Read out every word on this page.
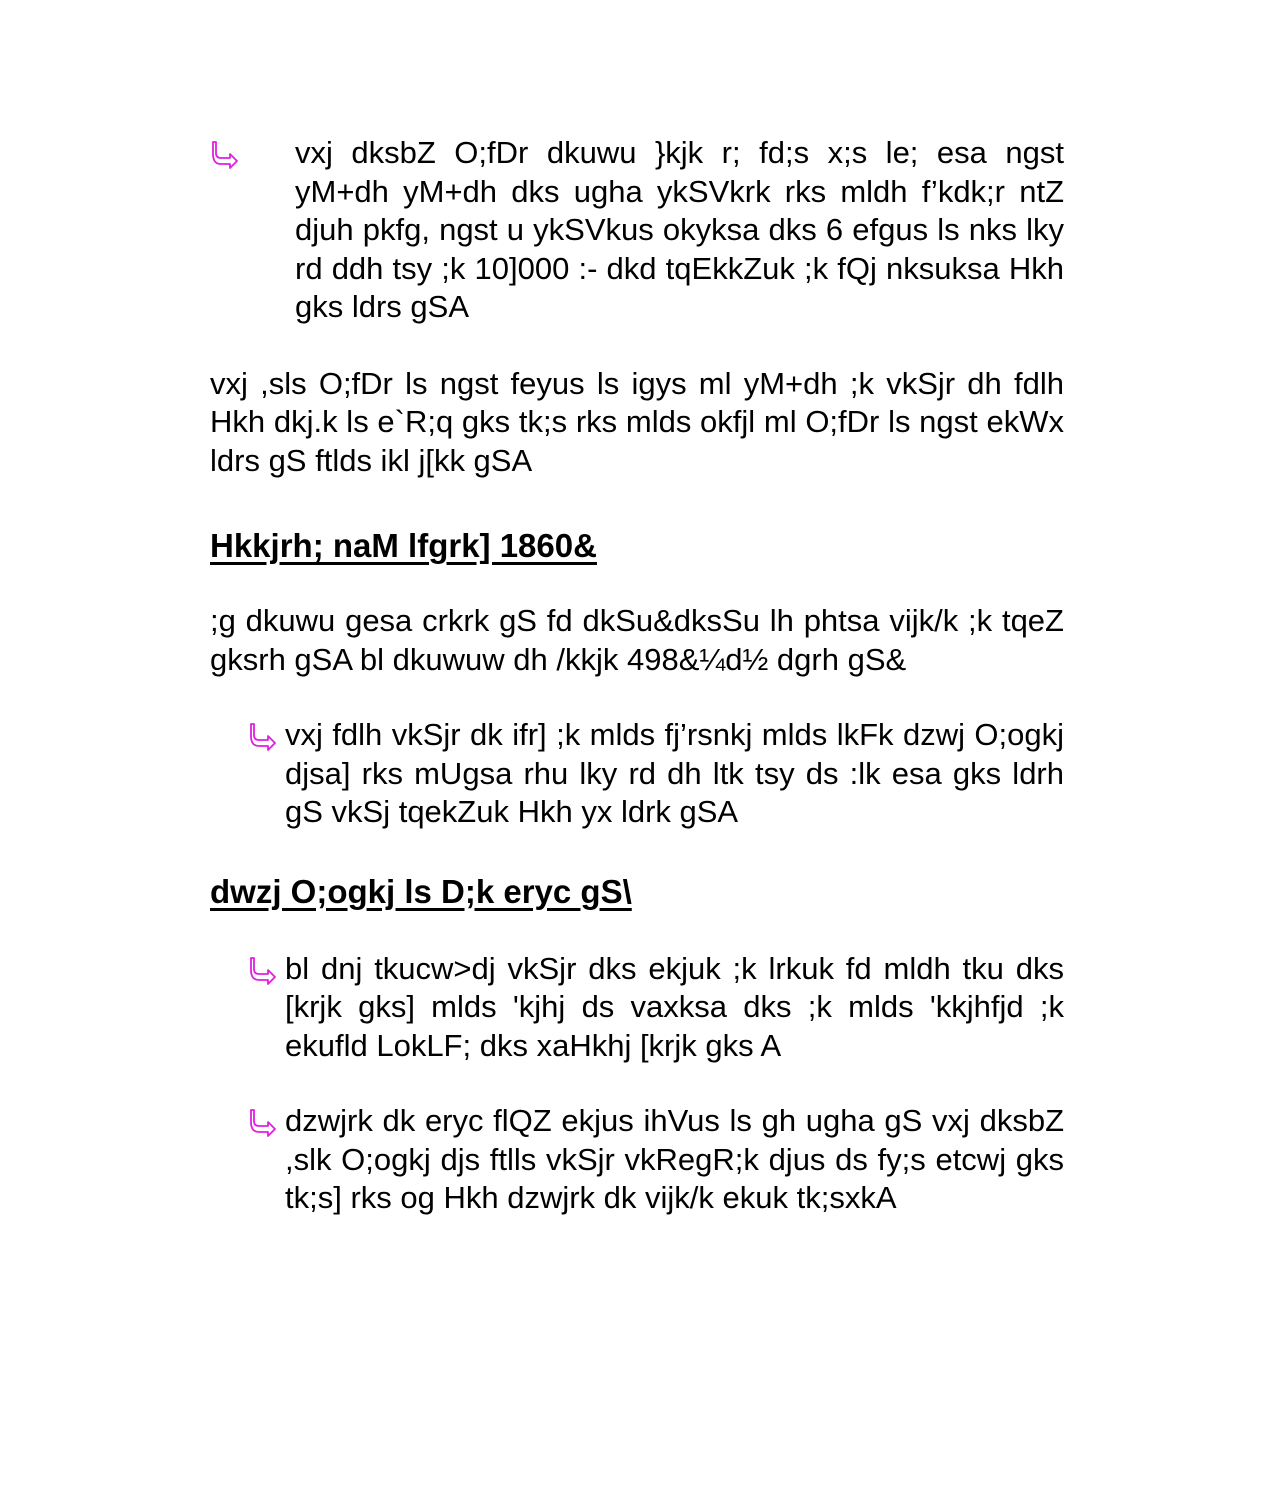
vxj dksbZ O;fDr dkuwu }kjk r; fd;s x;s le; esa ngst yM+dh yM+dh dks ugha ykSVkrk rks mldh f’kdk;r ntZ djuh pkfg, ngst u ykSVkus okyksa dks 6 efgus ls nks lky rd ddh tsy ;k 10]000 :- dkd tqEkkZuk ;k fQj nksuksa Hkh gks ldrs gSA

vxj ,sls O;fDr ls ngst feyus ls igys ml yM+dh ;k vkSjr dh fdlh Hkh dkj.k ls e`R;q gks tk;s rks mlds okfjl ml O;fDr ls ngst ekWx ldrs gS ftlds ikl j[kk gSA

Hkkjrh; naM lfgrk] 1860&

;g dkuwu gesa crkrk gS fd dkSu&dksSu lh phtsa vijk/k ;k tqeZ gksrh gSA bl dkuwuw dh /kkjk 498&¼d½ dgrh gS&

vxj fdlh vkSjr dk ifr] ;k mlds fj’rsnkj mlds lkFk dzwj O;ogkj djsa] rks mUgsa rhu lky rd dh ltk tsy ds :lk esa gks ldrh gS vkSj tqekZuk Hkh yx ldrk gSA

dwzj O;ogkj ls D;k eryc gS\

bl dnj tkucw>dj vkSjr dks ekjuk ;k lrkuk fd mldh tku dks [krjk gks] mlds 'kjhj ds vaxksa dks ;k mlds 'kkjhfjd ;k ekufld LokLF; dks xaHkhj [krjk gks A

dzwjrk dk eryc flQZ ekjus ihVus ls gh ugha gS vxj dksbZ ,slk O;ogkj djs ftlls vkSjr vkRegR;k djus ds fy;s etcwj gks tk;s] rks og Hkh dzwjrk dk vijk/k ekuk tk;sxkA
